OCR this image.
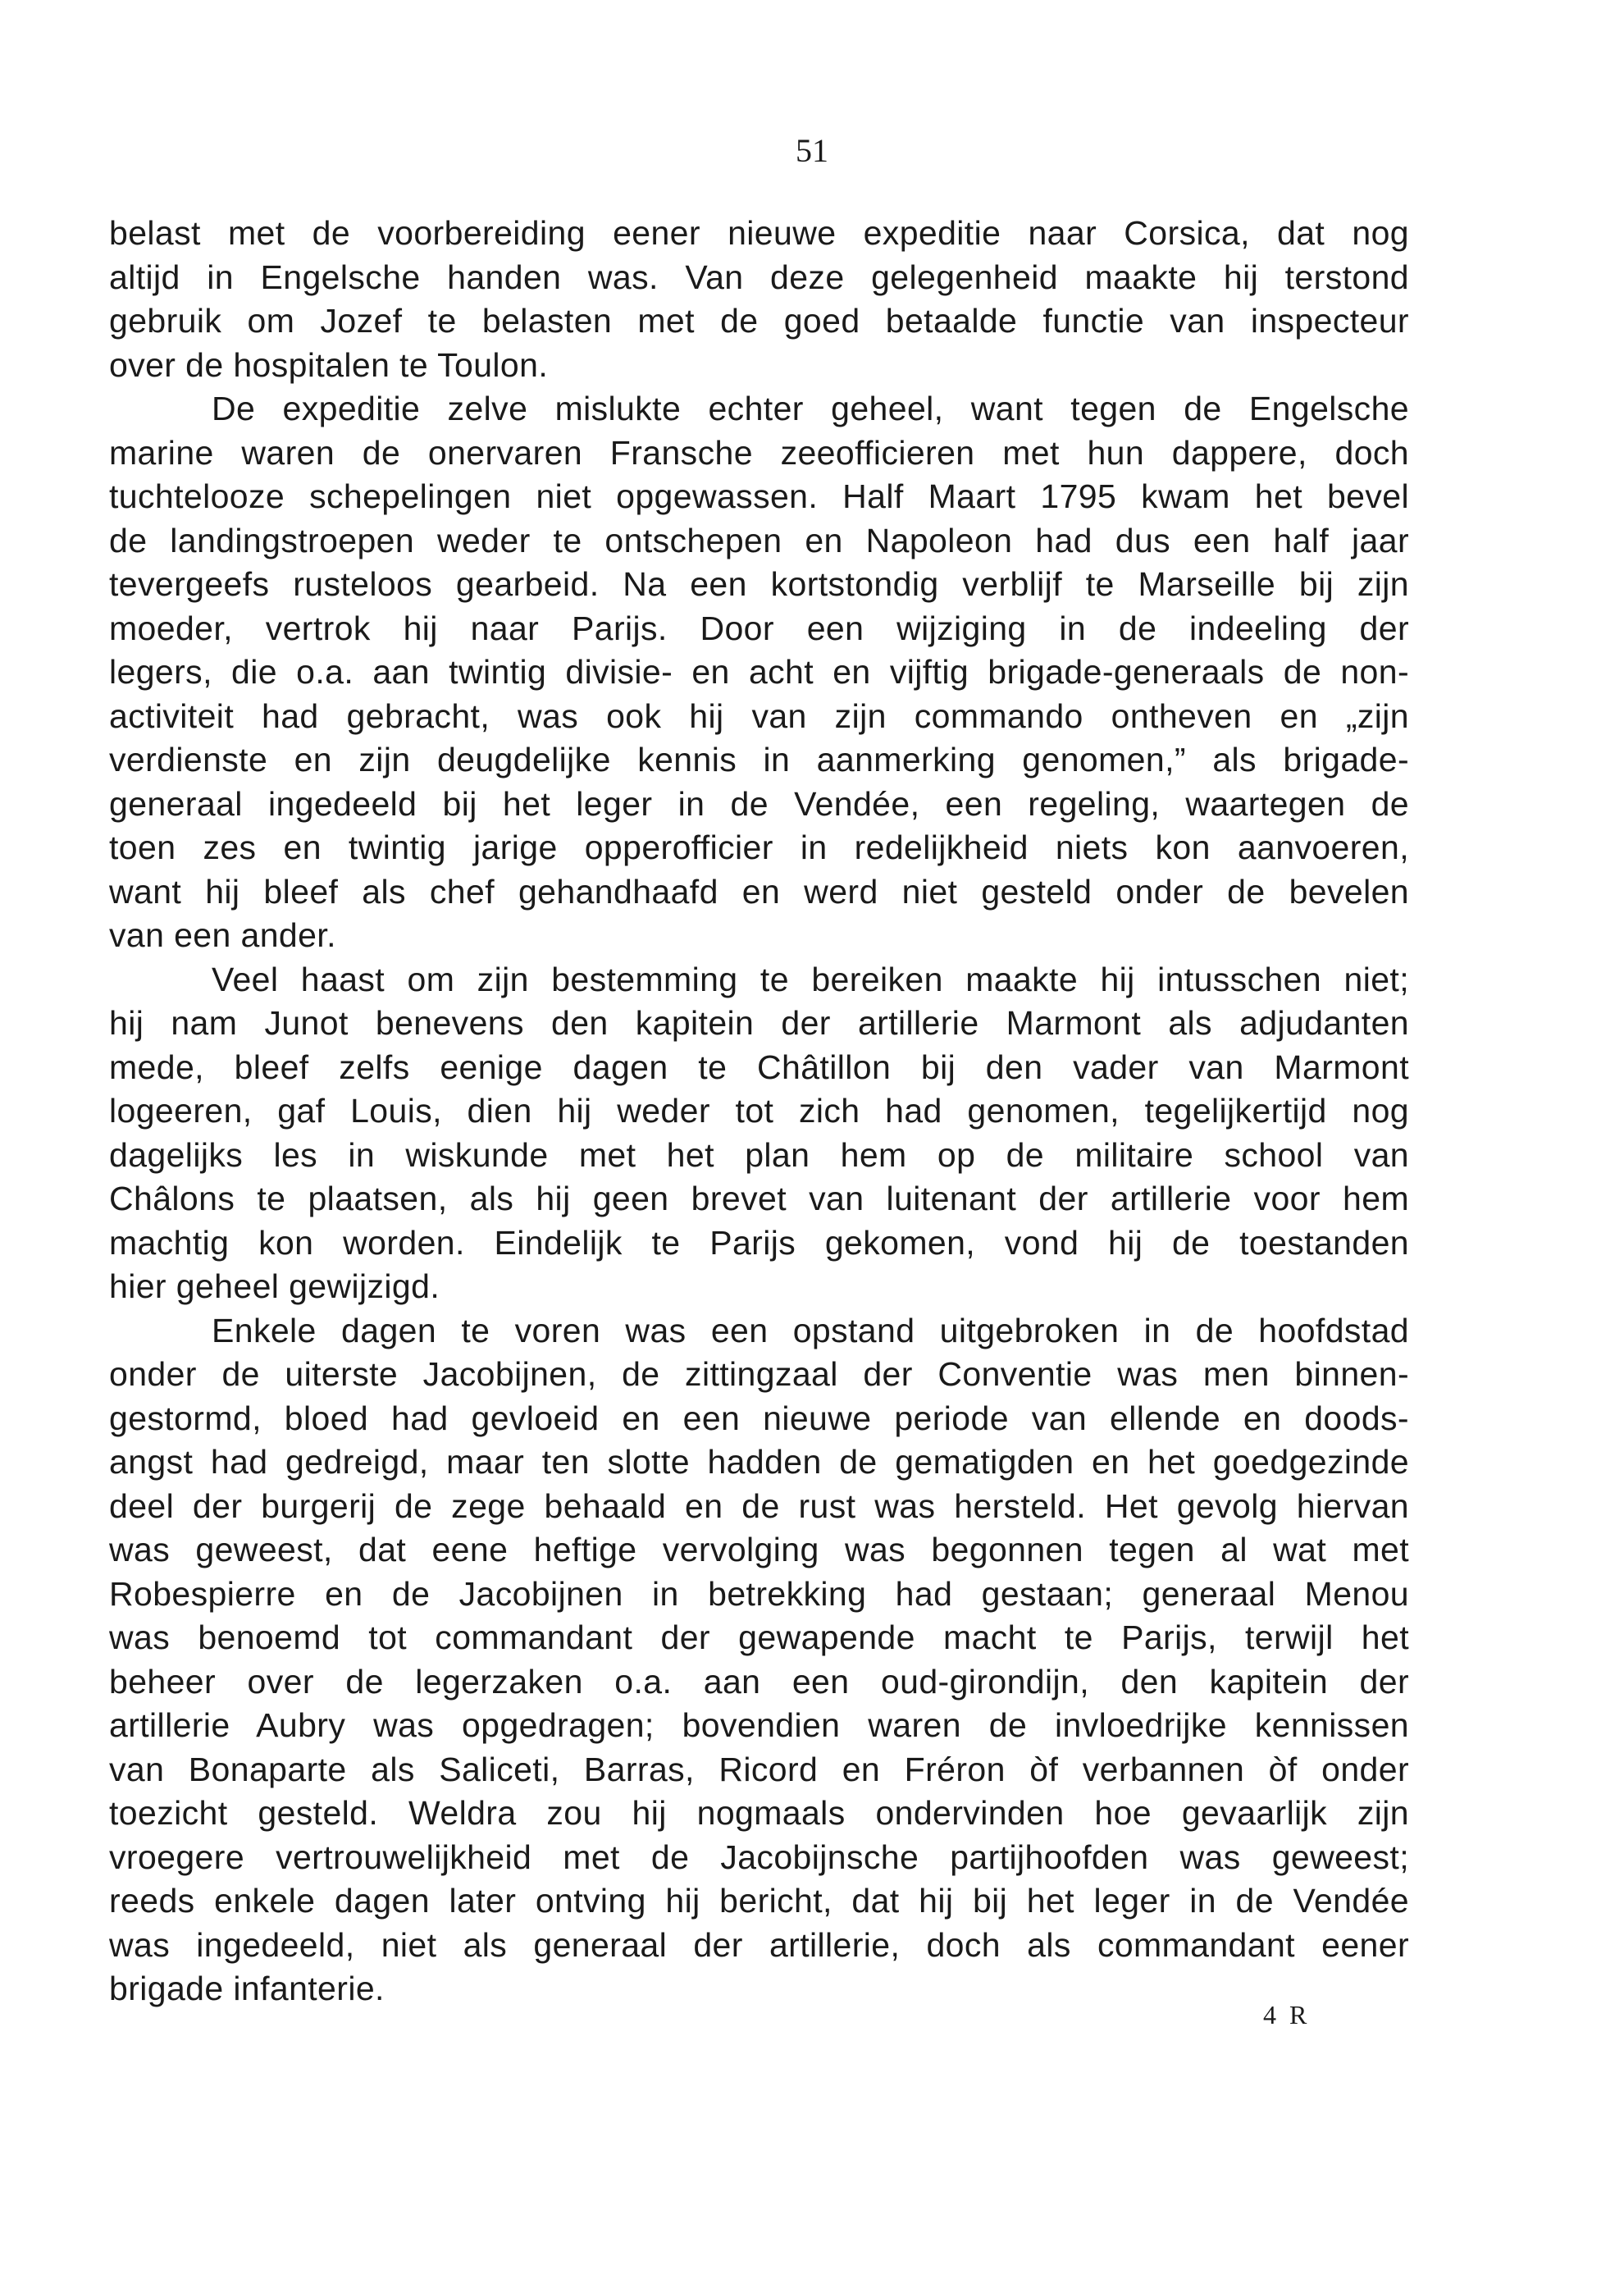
51
belast met de voorbereiding eener nieuwe expeditie naar Corsica, dat nog
altijd in Engelsche handen was. Van deze gelegenheid maakte hij terstond
gebruik om Jozef te belasten met de goed betaalde functie van inspecteur
over de hospitalen te Toulon.
De expeditie zelve mislukte echter geheel, want tegen de Engelsche
marine waren de onervaren Fransche zeeofficieren met hun dappere, doch
tuchtelooze schepelingen niet opgewassen. Half Maart 1795 kwam het bevel
de landingstroepen weder te ontschepen en Napoleon had dus een half jaar
tevergeefs rusteloos gearbeid. Na een kortstondig verblijf te Marseille bij zijn
moeder, vertrok hij naar Parijs. Door een wijziging in de indeeling der
legers, die o.a. aan twintig divisie- en acht en vijftig brigade-generaals de non-
activiteit had gebracht, was ook hij van zijn commando ontheven en „zijn
verdienste en zijn deugdelijke kennis in aanmerking genomen,” als brigade-
generaal ingedeeld bij het leger in de Vendée, een regeling, waartegen de
toen zes en twintig jarige opperofficier in redelijkheid niets kon aanvoeren,
want hij bleef als chef gehandhaafd en werd niet gesteld onder de bevelen
van een ander.
Veel haast om zijn bestemming te bereiken maakte hij intusschen niet;
hij nam Junot benevens den kapitein der artillerie Marmont als adjudanten
mede, bleef zelfs eenige dagen te Châtillon bij den vader van Marmont
logeeren, gaf Louis, dien hij weder tot zich had genomen, tegelijkertijd nog
dagelijks les in wiskunde met het plan hem op de militaire school van
Châlons te plaatsen, als hij geen brevet van luitenant der artillerie voor hem
machtig kon worden. Eindelijk te Parijs gekomen, vond hij de toestanden
hier geheel gewijzigd.
Enkele dagen te voren was een opstand uitgebroken in de hoofdstad
onder de uiterste Jacobijnen, de zittingzaal der Conventie was men binnen-
gestormd, bloed had gevloeid en een nieuwe periode van ellende en doods-
angst had gedreigd, maar ten slotte hadden de gematigden en het goedgezinde
deel der burgerij de zege behaald en de rust was hersteld. Het gevolg hiervan
was geweest, dat eene heftige vervolging was begonnen tegen al wat met
Robespierre en de Jacobijnen in betrekking had gestaan; generaal Menou
was benoemd tot commandant der gewapende macht te Parijs, terwijl het
beheer over de legerzaken o.a. aan een oud-girondijn, den kapitein der
artillerie Aubry was opgedragen; bovendien waren de invloedrijke kennissen
van Bonaparte als Saliceti, Barras, Ricord en Fréron òf verbannen òf onder
toezicht gesteld. Weldra zou hij nogmaals ondervinden hoe gevaarlijk zijn
vroegere vertrouwelijkheid met de Jacobijnsche partijhoofden was geweest;
reeds enkele dagen later ontving hij bericht, dat hij bij het leger in de Vendée
was ingedeeld, niet als generaal der artillerie, doch als commandant eener
brigade infanterie.
4 R
